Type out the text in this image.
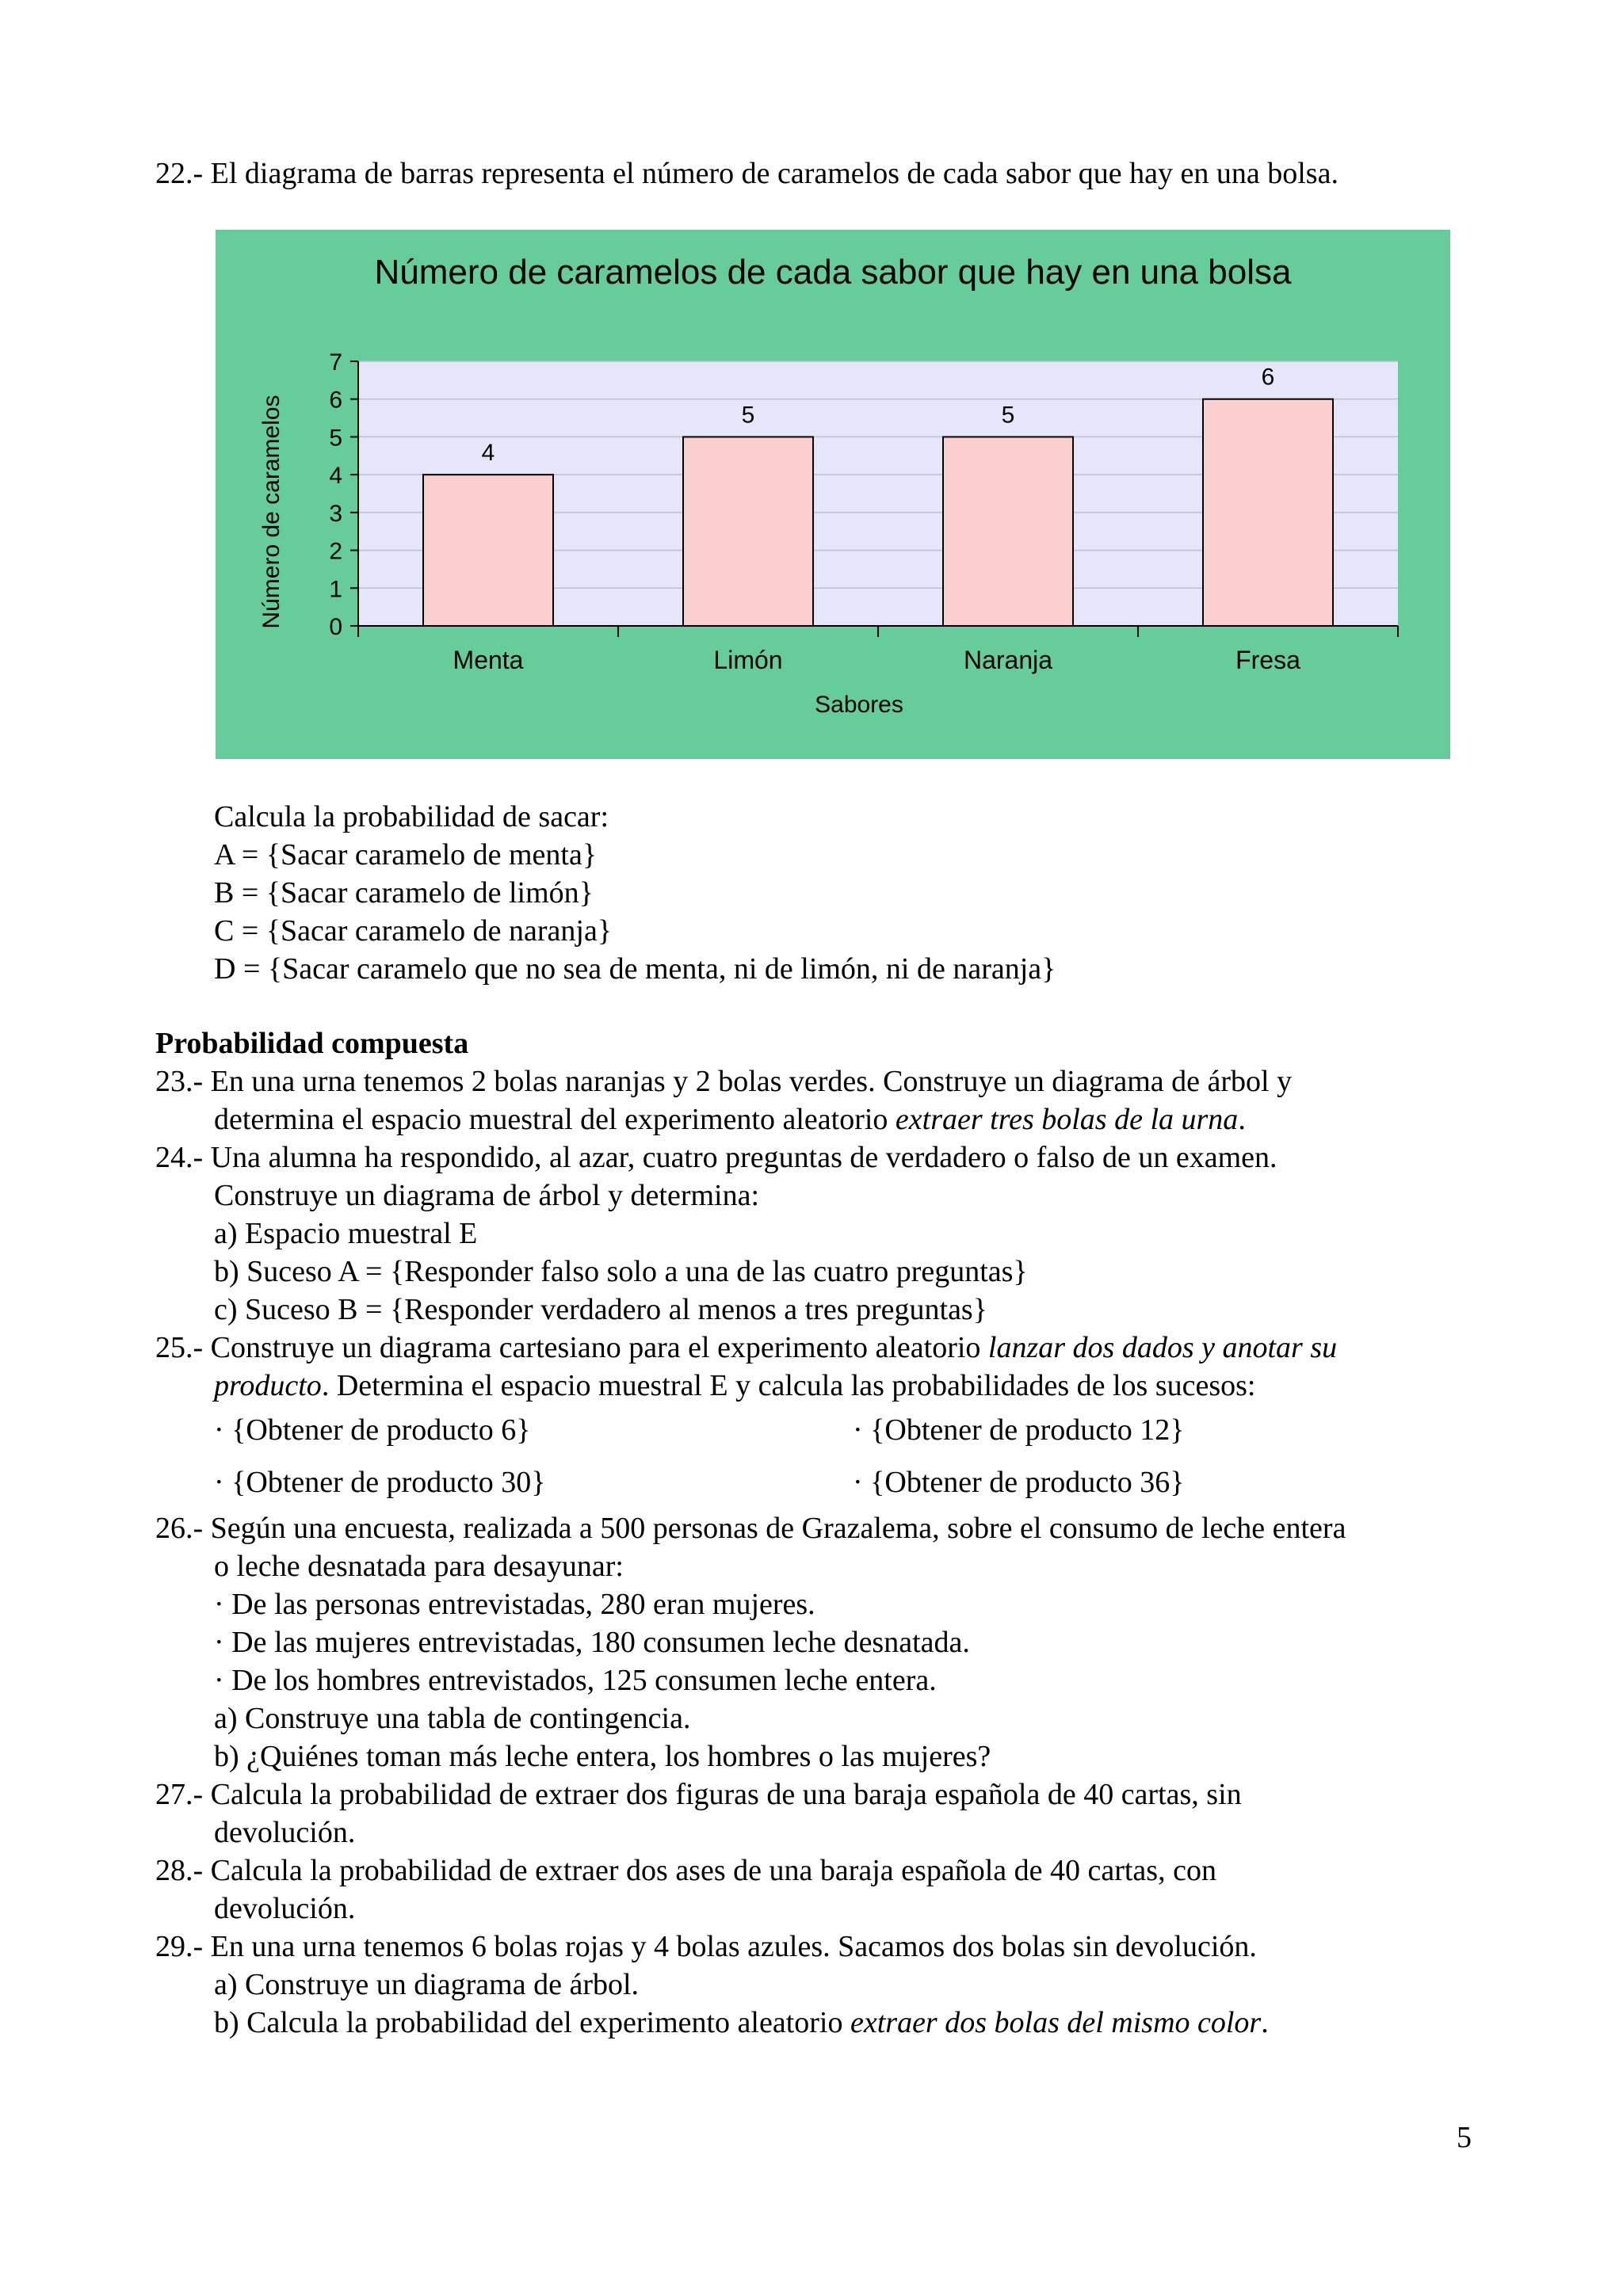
22.- El diagrama de barras representa el número de caramelos de cada sabor que hay en una bolsa.
4
5	5
6
0
1
2
3
4
5
6
7
Menta	Limón	Naranja	Fresa
Número de caramelos de cada sabor que hay en una bolsa
Número de caramelos
Sabores
Calcula la probabilidad de sacar:
A = {Sacar caramelo de menta}
B = {Sacar caramelo de limón}
C = {Sacar caramelo de naranja}
D = {Sacar caramelo que no sea de menta, ni de limón, ni de naranja}
Probabilidad compuesta
23.- En una urna tenemos 2 bolas naranjas y 2 bolas verdes. Construye un diagrama de árbol y
determina el espacio muestral del experimento aleatorio extraer tres bolas de la urna.
24.- Una alumna ha respondido, al azar, cuatro preguntas de verdadero o falso de un examen.
Construye un diagrama de árbol y determina:
a) Espacio muestral E
b) Suceso A = {Responder falso solo a una de las cuatro preguntas}
c) Suceso B = {Responder verdadero al menos a tres preguntas}
25.- Construye un diagrama cartesiano para el experimento aleatorio lanzar dos dados y anotar su
producto. Determina el espacio muestral E y calcula las probabilidades de los sucesos:
· {Obtener de producto 6}	· {Obtener de producto 12}
· {Obtener de producto 30}	· {Obtener de producto 36}
26.- Según una encuesta, realizada a 500 personas de Grazalema, sobre el consumo de leche entera
o leche desnatada para desayunar:
· De las personas entrevistadas, 280 eran mujeres.
· De las mujeres entrevistadas, 180 consumen leche desnatada.
· De los hombres entrevistados, 125 consumen leche entera.
a) Construye una tabla de contingencia.
b) ¿Quiénes toman más leche entera, los hombres o las mujeres?
27.- Calcula la probabilidad de extraer dos figuras de una baraja española de 40 cartas, sin
devolución.
28.- Calcula la probabilidad de extraer dos ases de una baraja española de 40 cartas, con
devolución.
29.- En una urna tenemos 6 bolas rojas y 4 bolas azules. Sacamos dos bolas sin devolución.
a) Construye un diagrama de árbol.
b) Calcula la probabilidad del experimento aleatorio extraer dos bolas del mismo color.
5
